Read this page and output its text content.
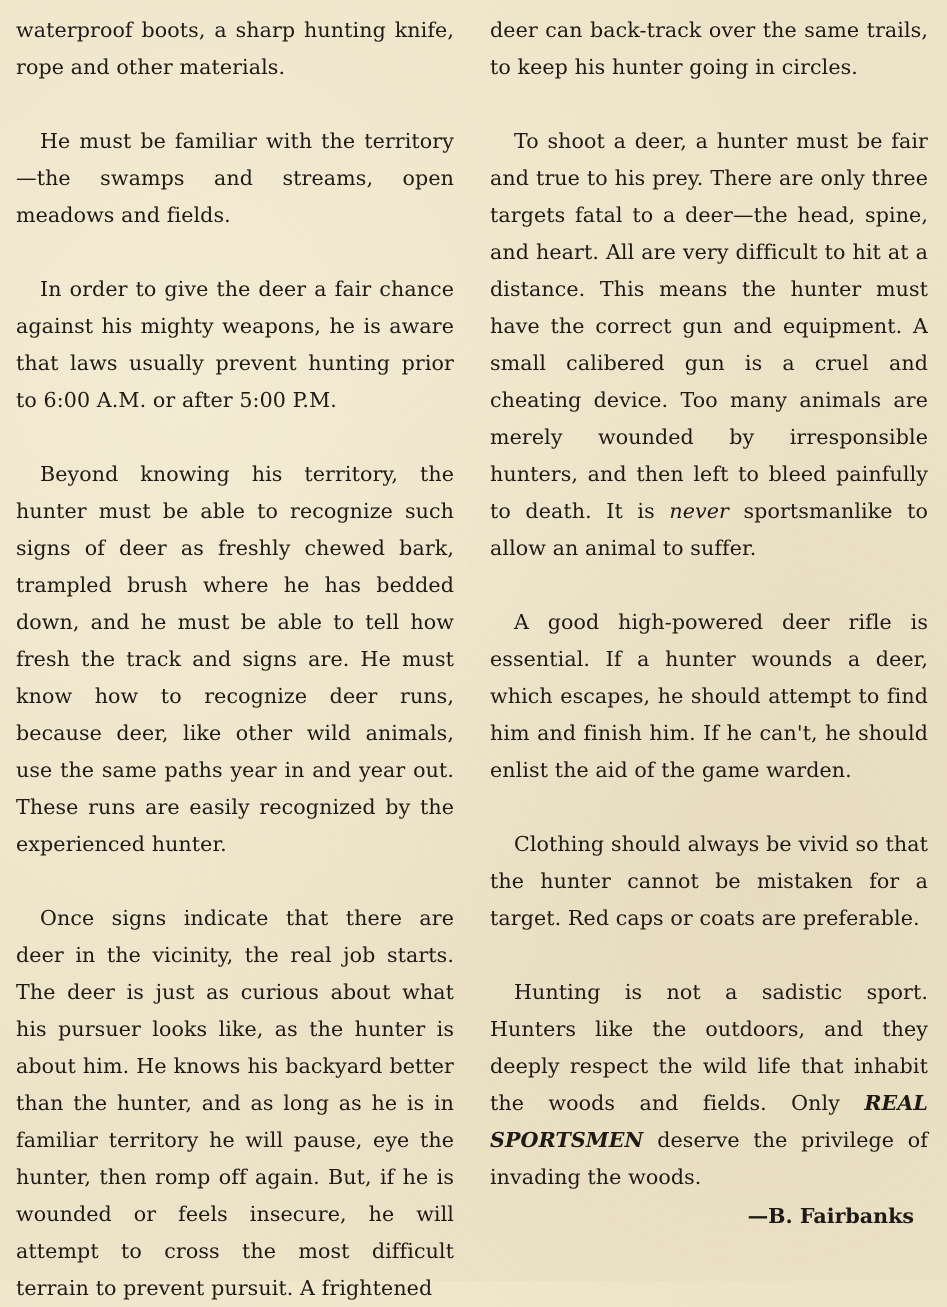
waterproof boots, a sharp hunting knife, rope and other materials.

He must be familiar with the territory—the swamps and streams, open meadows and fields.

In order to give the deer a fair chance against his mighty weapons, he is aware that laws usually prevent hunting prior to 6:00 A.M. or after 5:00 P.M.

Beyond knowing his territory, the hunter must be able to recognize such signs of deer as freshly chewed bark, trampled brush where he has bedded down, and he must be able to tell how fresh the track and signs are. He must know how to recognize deer runs, because deer, like other wild animals, use the same paths year in and year out. These runs are easily recognized by the experienced hunter.

Once signs indicate that there are deer in the vicinity, the real job starts. The deer is just as curious about what his pursuer looks like, as the hunter is about him. He knows his backyard better than the hunter, and as long as he is in familiar territory he will pause, eye the hunter, then romp off again. But, if he is wounded or feels insecure, he will attempt to cross the most difficult terrain to prevent pursuit. A frightened

deer can back-track over the same trails, to keep his hunter going in circles.

To shoot a deer, a hunter must be fair and true to his prey. There are only three targets fatal to a deer—the head, spine, and heart. All are very difficult to hit at a distance. This means the hunter must have the correct gun and equipment. A small calibered gun is a cruel and cheating device. Too many animals are merely wounded by irresponsible hunters, and then left to bleed painfully to death. It is never sportsmanlike to allow an animal to suffer.

A good high-powered deer rifle is essential. If a hunter wounds a deer, which escapes, he should attempt to find him and finish him. If he can't, he should enlist the aid of the game warden.

Clothing should always be vivid so that the hunter cannot be mistaken for a target. Red caps or coats are preferable.

Hunting is not a sadistic sport. Hunters like the outdoors, and they deeply respect the wild life that inhabit the woods and fields. Only REAL SPORTSMEN deserve the privilege of invading the woods.

—B. Fairbanks
